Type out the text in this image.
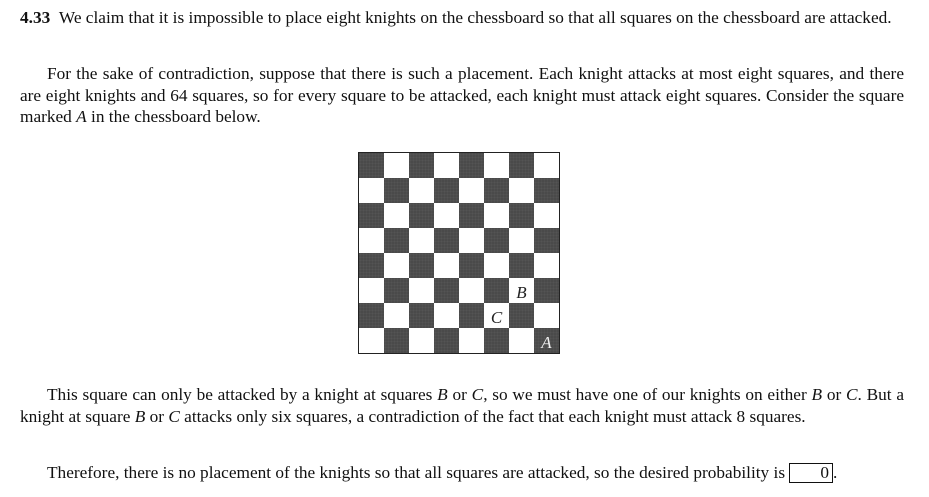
4.33 We claim that it is impossible to place eight knights on the chessboard so that all squares on the chessboard are attacked.

For the sake of contradiction, suppose that there is such a placement. Each knight attacks at most eight squares, and there are eight knights and 64 squares, so for every square to be attacked, each knight must attack eight squares. Consider the square marked A in the chessboard below.

B
C
A

This square can only be attacked by a knight at squares B or C, so we must have one of our knights on either B or C. But a knight at square B or C attacks only six squares, a contradiction of the fact that each knight must attack 8 squares.

Therefore, there is no placement of the knights so that all squares are attacked, so the desired probability is 0 .
